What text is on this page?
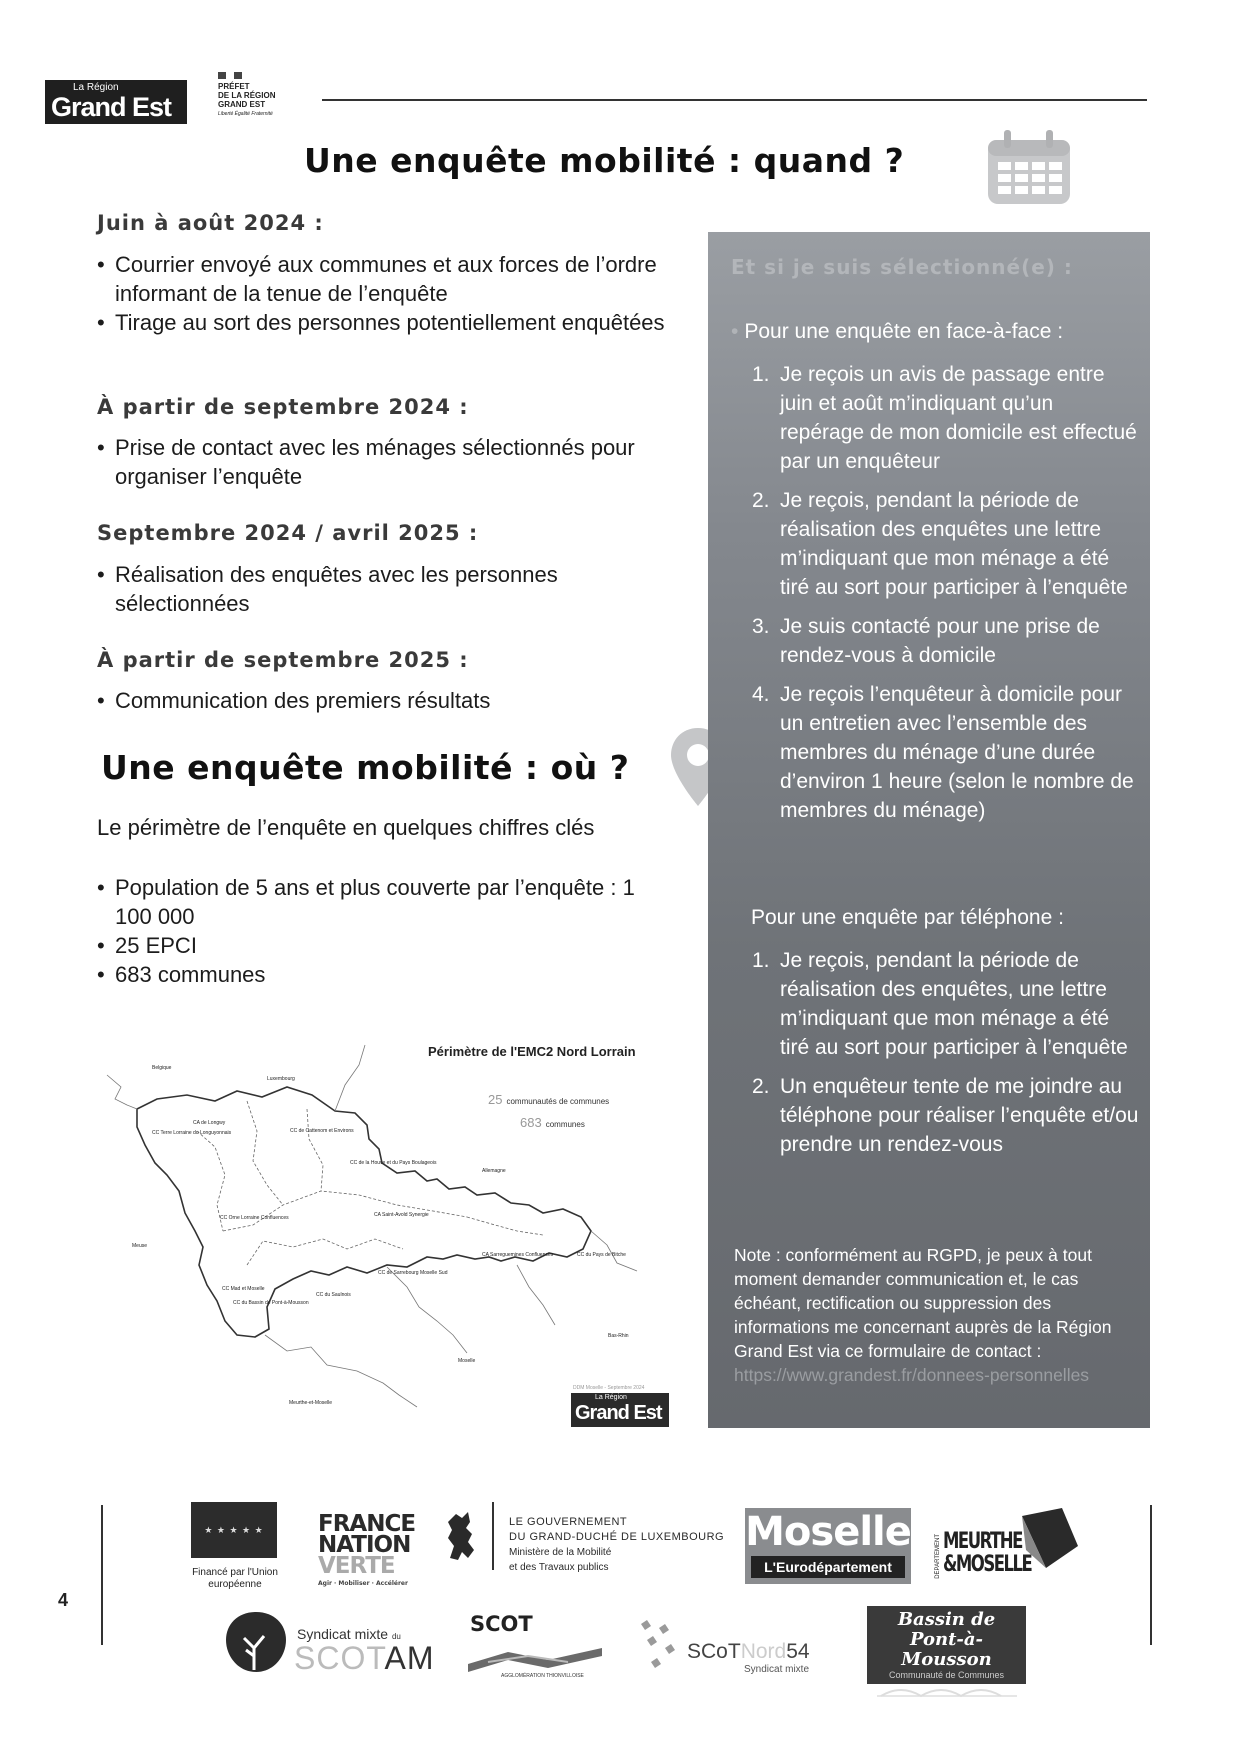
La Région
Grand Est
PRÉFET
DE LA RÉGION
GRAND EST
Liberté Égalité Fraternité
Une enquête mobilité : quand ?
Juin à août 2024 :
• Courrier envoyé aux communes et aux forces de l’ordre informant de la tenue de l’enquête
• Tirage au sort des personnes potentiellement enquêtées
À partir de septembre 2024 :
• Prise de contact avec les ménages sélectionnés pour organiser l’enquête
Septembre 2024 / avril 2025 :
• Réalisation des enquêtes avec les personnes sélectionnées
À partir de septembre 2025 :
• Communication des premiers résultats
Une enquête mobilité : où ?
Le périmètre de l’enquête en quelques chiffres clés
• Population de 5 ans et plus couverte par l’enquête : 1 100 000
• 25 EPCI
• 683 communes
Périmètre de l'EMC2 Nord Lorrain
25 communautés de communes
683 communes
Belgique
Luxembourg
Allemagne
Meuse
Bas-Rhin
Moselle
Meurthe-et-Moselle
CA de Longwy
CC Terre Lorraine du Longuyonnais
CC Orne Lorraine Confluences
CC de Cattenom et Environs
CC de la Houve et du Pays Boulageois
CA Saint-Avold Synergie
CC du Bassin de Pont-à-Mousson
CC Mad et Moselle
CC du Saulnois
CC du Pays de Bitche
CA Sarreguemines Confluences
CC de Sarrebourg Moselle Sud
DDM Moselle - Septembre 2024
La Région
Grand Est
Et si je suis sélectionné(e) :
• Pour une enquête en face-à-face :
1. Je reçois un avis de passage entre juin et août m’indiquant qu’un repérage de mon domicile est effectué par un enquêteur
2. Je reçois, pendant la période de réalisation des enquêtes une lettre m’indiquant que mon ménage a été tiré au sort pour participer à l’enquête
3. Je suis contacté pour une prise de rendez-vous à domicile
4. Je reçois l’enquêteur à domicile pour un entretien avec l’ensemble des membres du ménage d’une durée d’environ 1 heure (selon le nombre de membres du ménage)
Pour une enquête par téléphone :
1. Je reçois, pendant la période de réalisation des enquêtes, une lettre m’indiquant que mon ménage a été tiré au sort pour participer à l’enquête
2. Un enquêteur tente de me joindre au téléphone pour réaliser l’enquête et/ou prendre un rendez-vous
Note : conformément au RGPD, je peux à tout moment demander communication et, le cas échéant, rectification ou suppression des informations me concernant auprès de la Région Grand Est via ce formulaire de contact : https://www.grandest.fr/donnees-personnelles
4
★ ★ ★ ★ ★
Financé par l'Union européenne
FRANCE
NATION
VERTE
Agir · Mobiliser · Accélérer
LE GOUVERNEMENT
DU GRAND-DUCHÉ DE LUXEMBOURG
Ministère de la Mobilité
et des Travaux publics
Moselle
L'Eurodépartement	DÉPARTEMENT MEURTHE
&MOSELLE
Syndicat mixte du
SCOTAM
SCOT
AGGLOMÉRATION THIONVILLOISE
SCoTNord54
Syndicat mixte
Bassin de
Pont-à-Mousson
Communauté de Communes
